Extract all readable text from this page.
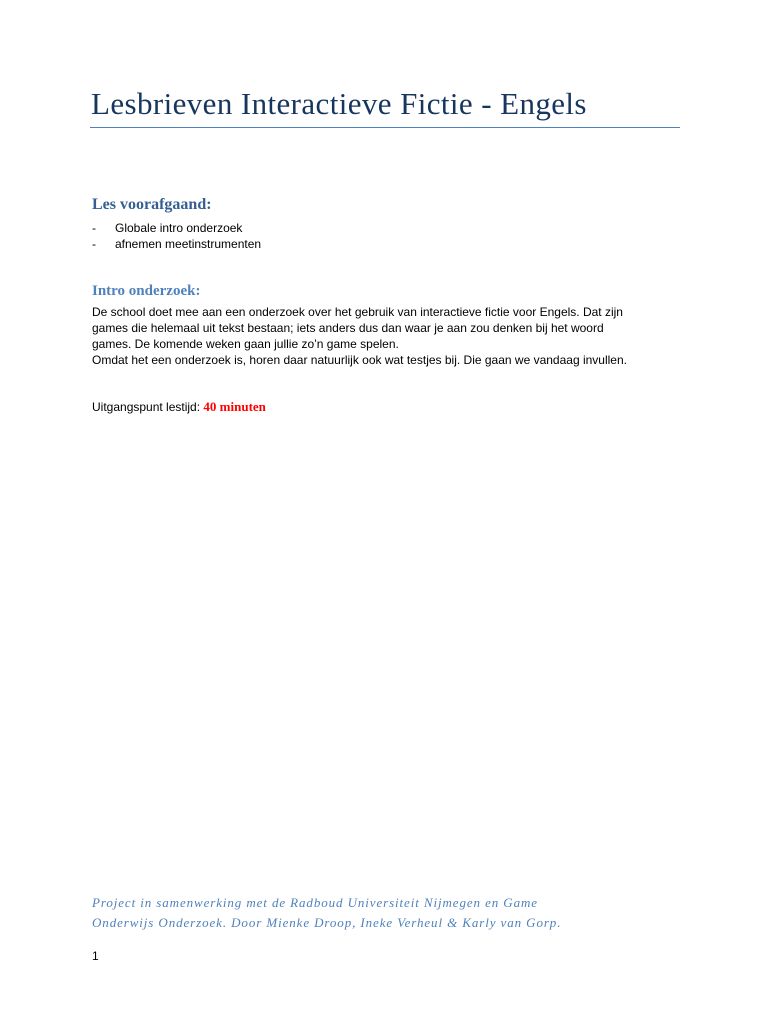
Lesbrieven Interactieve Fictie - Engels
Les voorafgaand:
- Globale intro onderzoek
- afnemen meetinstrumenten
Intro onderzoek:

De school doet mee aan een onderzoek over het gebruik van interactieve fictie voor Engels. Dat zijn

games die helemaal uit tekst bestaan; iets anders dus dan waar je aan zou denken bij het woord

games. De komende weken gaan jullie zo’n game spelen.

Omdat het een onderzoek is, horen daar natuurlijk ook wat testjes bij. Die gaan we vandaag invullen.

Uitgangspunt lestijd: 40 minuten

Project in samenwerking met de Radboud Universiteit Nijmegen en Game

Onderwijs Onderzoek. Door Mienke Droop, Ineke Verheul & Karly van Gorp.

1
